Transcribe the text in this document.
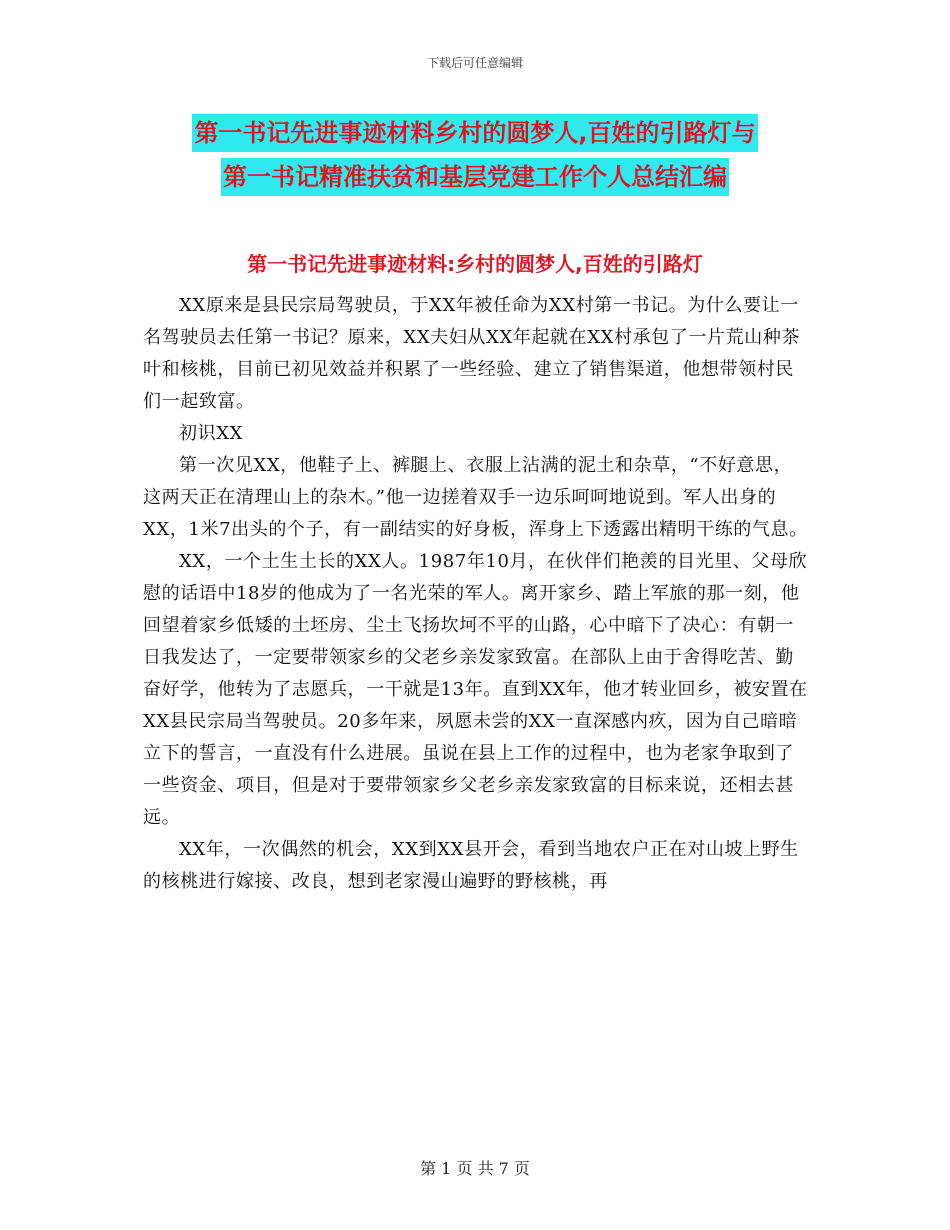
下载后可任意编辑
第一书记先进事迹材料乡村的圆梦人,百姓的引路灯与
第一书记精准扶贫和基层党建工作个人总结汇编
第一书记先进事迹材料:乡村的圆梦人,百姓的引路灯

XX原来是县民宗局驾驶员，于XX年被任命为XX村第一书记。为什么要让一名驾驶员去任第一书记？原来，XX夫妇从XX年起就在XX村承包了一片荒山种茶叶和核桃，目前已初见效益并积累了一些经验、建立了销售渠道，他想带领村民们一起致富。

初识XX

第一次见XX，他鞋子上、裤腿上、衣服上沾满的泥土和杂草，“不好意思，这两天正在清理山上的杂木。”他一边搓着双手一边乐呵呵地说到。军人出身的XX，1米7出头的个子，有一副结实的好身板，浑身上下透露出精明干练的气息。

XX，一个土生土长的XX人。1987年10月，在伙伴们艳羡的目光里、父母欣慰的话语中18岁的他成为了一名光荣的军人。离开家乡、踏上军旅的那一刻，他回望着家乡低矮的土坯房、尘土飞扬坎坷不平的山路，心中暗下了决心：有朝一日我发达了，一定要带领家乡的父老乡亲发家致富。在部队上由于舍得吃苦、勤奋好学，他转为了志愿兵，一干就是13年。直到XX年，他才转业回乡，被安置在XX县民宗局当驾驶员。20多年来，夙愿未尝的XX一直深感内疚，因为自己暗暗立下的誓言，一直没有什么进展。虽说在县上工作的过程中，也为老家争取到了一些资金、项目，但是对于要带领家乡父老乡亲发家致富的目标来说，还相去甚远。

XX年，一次偶然的机会，XX到XX县开会，看到当地农户正在对山坡上野生的核桃进行嫁接、改良，想到老家漫山遍野的野核桃，再

第 1 页 共 7 页
